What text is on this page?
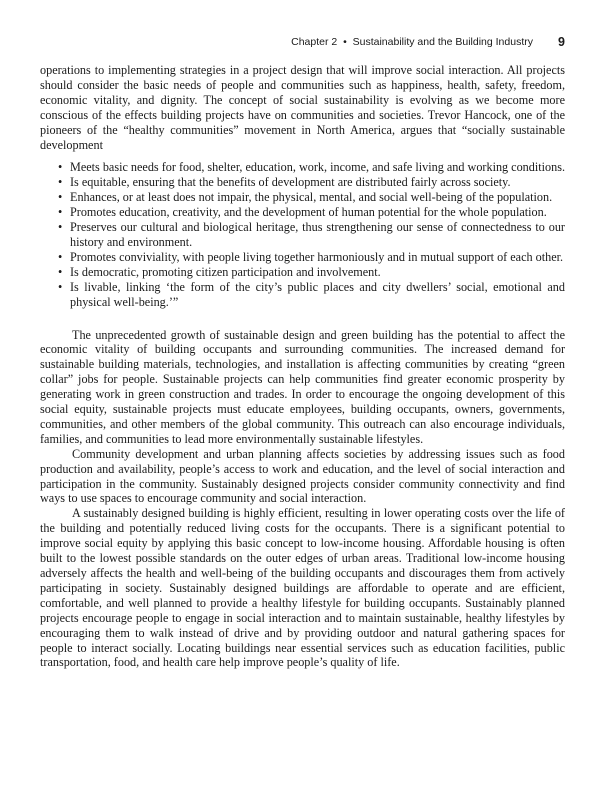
Chapter 2 • Sustainability and the Building Industry 9

operations to implementing strategies in a project design that will improve social interaction. All projects should consider the basic needs of people and communities such as happiness, health, safety, freedom, economic vitality, and dignity. The concept of social sustainability is evolving as we become more conscious of the effects building projects have on communities and societies. Trevor Hancock, one of the pioneers of the “healthy communities” movement in North America, argues that “socially sustainable development

• Meets basic needs for food, shelter, education, work, income, and safe living and working conditions.
• Is equitable, ensuring that the benefits of development are distributed fairly across society.
• Enhances, or at least does not impair, the physical, mental, and social well-being of the population.
• Promotes education, creativity, and the development of human potential for the whole population.
• Preserves our cultural and biological heritage, thus strengthening our sense of connectedness to our history and environment.
• Promotes conviviality, with people living together harmoniously and in mutual support of each other.
• Is democratic, promoting citizen participation and involvement.
• Is livable, linking ‘the form of the city’s public places and city dwellers’ social, emotional and physical well-being.’”

The unprecedented growth of sustainable design and green building has the potential to affect the economic vitality of building occupants and surrounding communities. The increased demand for sustainable building materials, technologies, and installation is affecting communities by creating “green collar” jobs for people. Sustainable projects can help communities find greater economic prosperity by generating work in green construction and trades. In order to encourage the ongoing development of this social equity, sustainable projects must educate employees, building occupants, owners, governments, communities, and other members of the global community. This outreach can also encourage individuals, families, and communities to lead more environmentally sustainable lifestyles.

Community development and urban planning affects societies by addressing issues such as food production and availability, people’s access to work and education, and the level of social interaction and participation in the community. Sustainably designed projects consider community connectivity and find ways to use spaces to encourage community and social interaction.

A sustainably designed building is highly efficient, resulting in lower operating costs over the life of the building and potentially reduced living costs for the occupants. There is a significant potential to improve social equity by applying this basic concept to low-income housing. Affordable housing is often built to the lowest possible standards on the outer edges of urban areas. Traditional low-income housing adversely affects the health and well-being of the building occupants and discourages them from actively participating in society. Sustainably designed buildings are affordable to operate and are efficient, comfortable, and well planned to provide a healthy lifestyle for building occupants. Sustainably planned projects encourage people to engage in social interaction and to maintain sustainable, healthy lifestyles by encouraging them to walk instead of drive and by providing outdoor and natural gathering spaces for people to interact socially. Locating buildings near essential services such as education facilities, public transportation, food, and health care help improve people’s quality of life.
